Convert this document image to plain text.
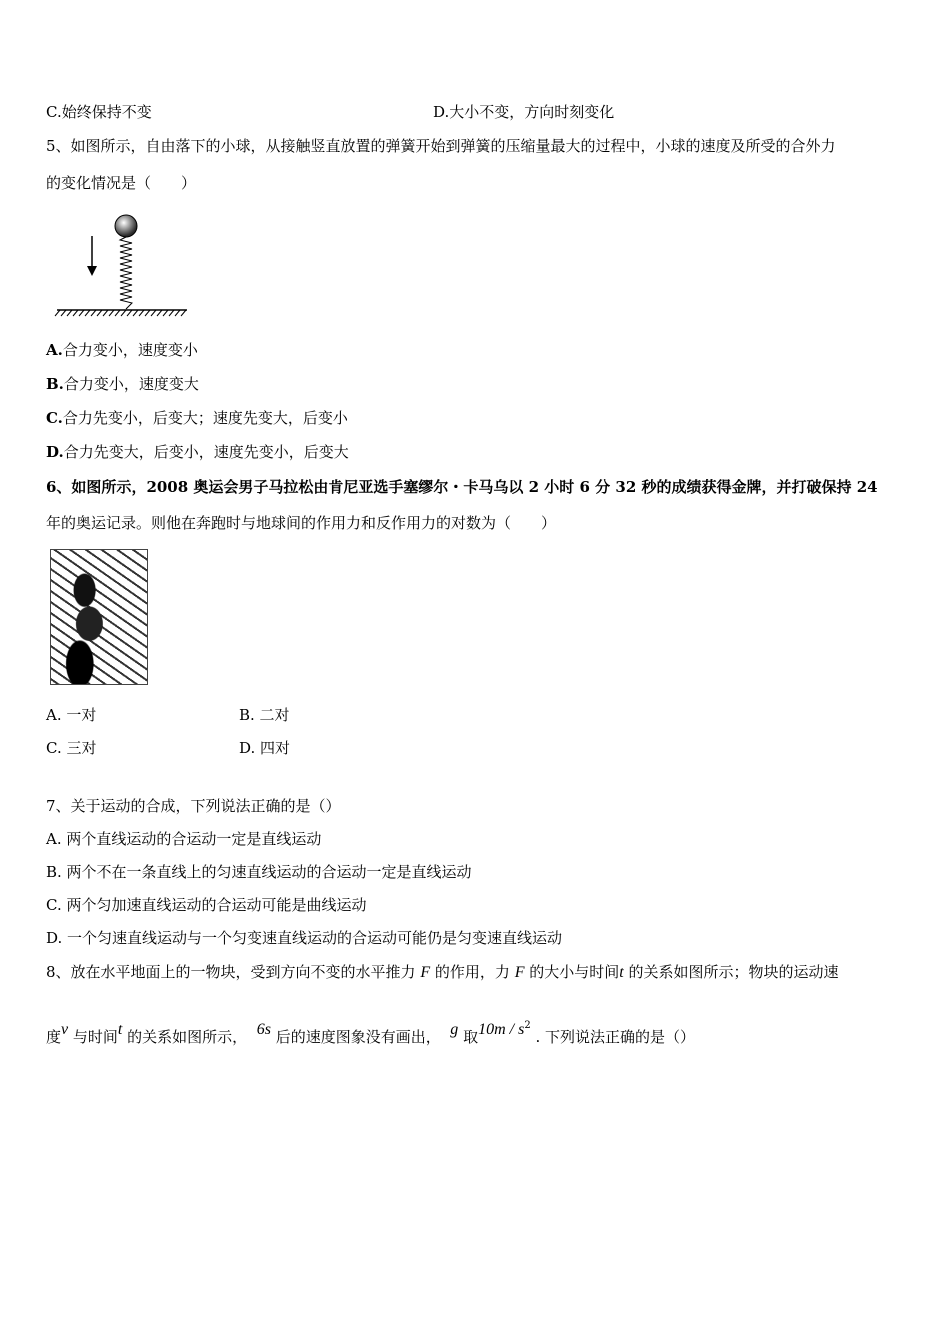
C.始终保持不变	D.大小不变，方向时刻变化
5、如图所示，自由落下的小球，从接触竖直放置的弹簧开始到弹簧的压缩量最大的过程中，小球的速度及所受的合外力
的变化情况是（　　）
A.合力变小，速度变小
B.合力变小，速度变大
C.合力先变小，后变大；速度先变大，后变小
D.合力先变大，后变小，速度先变小，后变大
6、如图所示，2008 奥运会男子马拉松由肯尼亚选手塞缪尔・卡马乌以 2 小时 6 分 32 秒的成绩获得金牌，并打破保持 24
年的奥运记录。则他在奔跑时与地球间的作用力和反作用力的对数为（　　）
A. 一对	B. 二对
C. 三对	D. 四对
7、关于运动的合成，下列说法正确的是（）
A. 两个直线运动的合运动一定是直线运动
B. 两个不在一条直线上的匀速直线运动的合运动一定是直线运动
C. 两个匀加速直线运动的合运动可能是曲线运动
D. 一个匀速直线运动与一个匀变速直线运动的合运动可能仍是匀变速直线运动
8、放在水平地面上的一物块，受到方向不变的水平推力 F 的作用，力 F 的大小与时间t 的关系如图所示；物块的运动速
度v 与时间t 的关系如图所示， 6s 后的速度图象没有画出， g 取$10m / s^2$ . 下列说法正确的是（）
